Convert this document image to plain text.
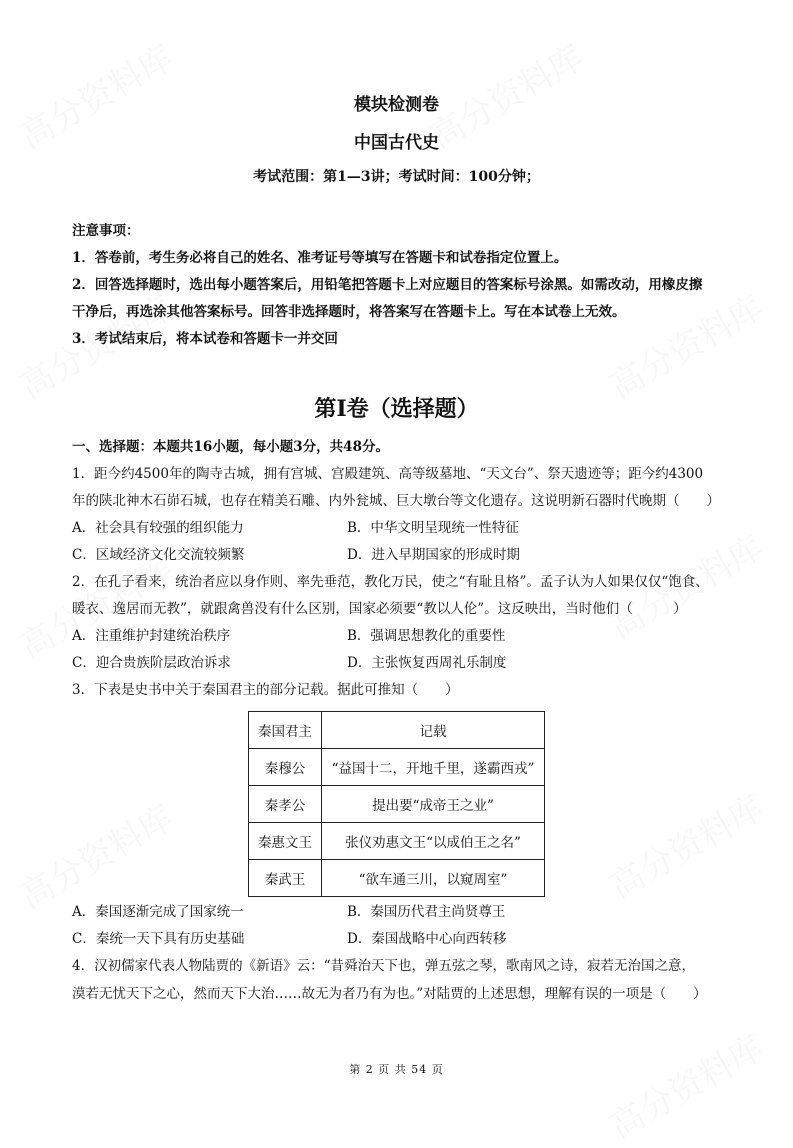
模块检测卷
中国古代史
考试范围：第1—3讲；考试时间：100分钟；
注意事项：
1．答卷前，考生务必将自己的姓名、准考证号等填写在答题卡和试卷指定位置上。
2．回答选择题时，选出每小题答案后，用铅笔把答题卡上对应题目的答案标号涂黑。如需改动，用橡皮擦
干净后，再选涂其他答案标号。回答非选择题时，将答案写在答题卡上。写在本试卷上无效。
3．考试结束后，将本试卷和答题卡一并交回
第I卷（选择题）
一、选择题：本题共16小题，每小题3分，共48分。
1．距今约4500年的陶寺古城，拥有宫城、宫殿建筑、高等级墓地、“天文台”、祭天遗迹等；距今约4300
年的陕北神木石峁石城，也存在精美石雕、内外瓮城、巨大墩台等文化遗存。这说明新石器时代晚期（　　）
A．社会具有较强的组织能力	B．中华文明呈现统一性特征
C．区域经济文化交流较频繁	D．进入早期国家的形成时期
2．在孔子看来，统治者应以身作则、率先垂范，教化万民，使之“有耻且格”。孟子认为人如果仅仅“饱食、
暖衣、逸居而无教”，就跟禽兽没有什么区别，国家必须要“教以人伦”。这反映出，当时他们（　　　）
A．注重维护封建统治秩序	B．强调思想教化的重要性
C．迎合贵族阶层政治诉求	D．主张恢复西周礼乐制度
3．下表是史书中关于秦国君主的部分记载。据此可推知（　　）
秦国君主	记载
秦穆公	“益国十二，开地千里，遂霸西戎”
秦孝公	提出要“成帝王之业”
秦惠文王	张仪劝惠文王“以成伯王之名”
秦武王	“欲车通三川，以窥周室”
A．秦国逐渐完成了国家统一	B．秦国历代君主尚贤尊王
C．秦统一天下具有历史基础	D．秦国战略中心向西转移
4．汉初儒家代表人物陆贾的《新语》云：“昔舜治天下也，弹五弦之琴，歌南风之诗，寂若无治国之意，
漠若无忧天下之心，然而天下大治……故无为者乃有为也。”对陆贾的上述思想，理解有误的一项是（　　）
第 2 页 共 54 页
